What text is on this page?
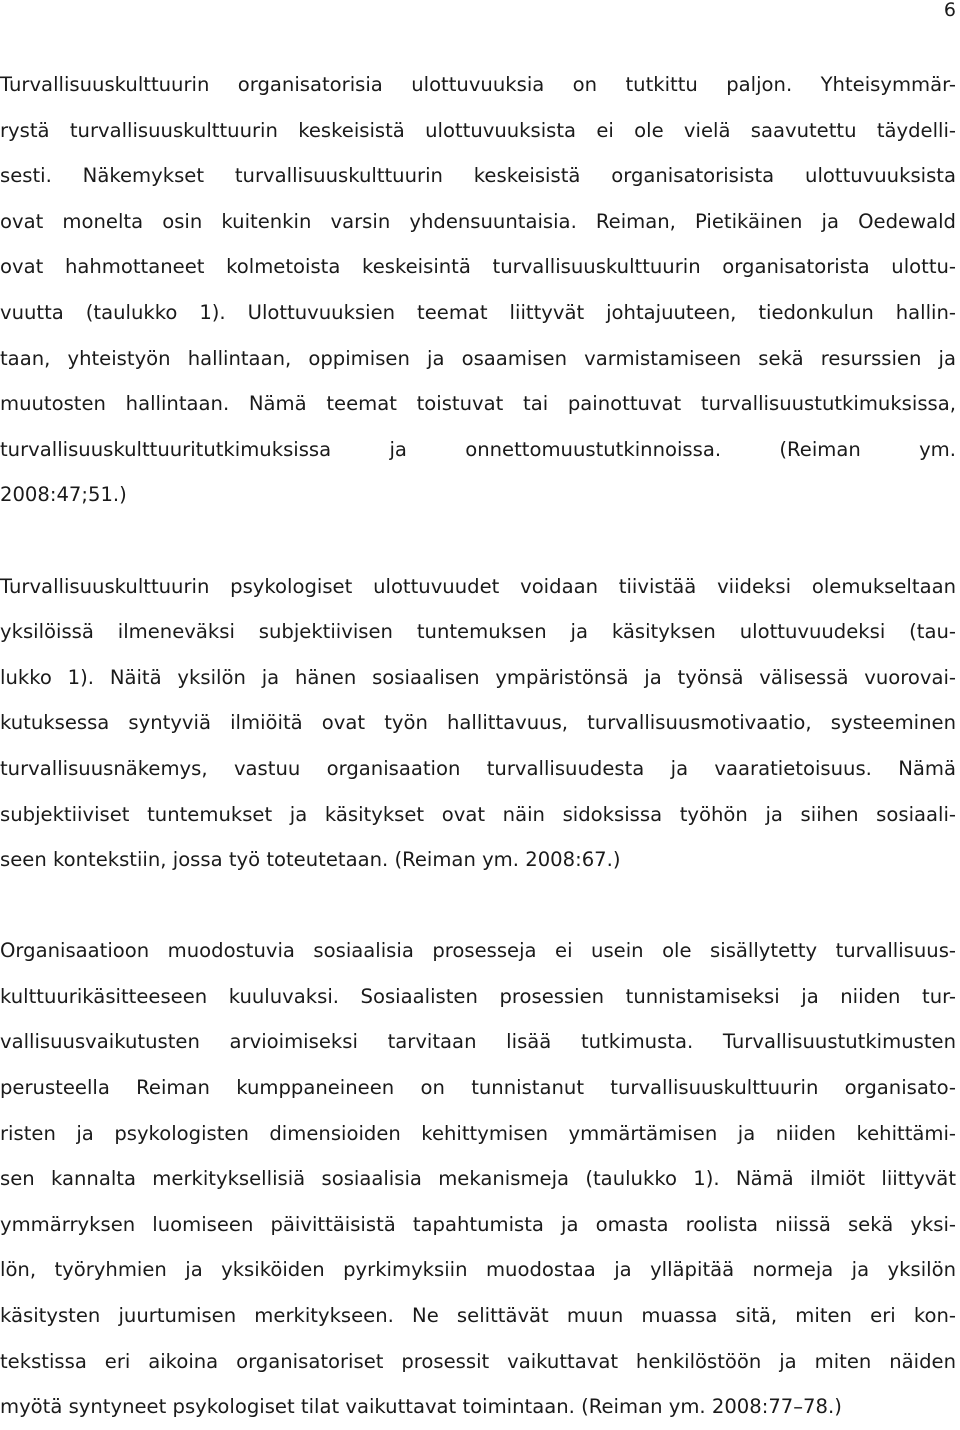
6
Turvallisuuskulttuurin organisatorisia ulottuvuuksia on tutkittu paljon. Yhteisymmär-
rystä turvallisuuskulttuurin keskeisistä ulottuvuuksista ei ole vielä saavutettu täydelli-
sesti. Näkemykset turvallisuuskulttuurin keskeisistä organisatorisista ulottuvuuksista
ovat monelta osin kuitenkin varsin yhdensuuntaisia. Reiman, Pietikäinen ja Oedewald
ovat hahmottaneet kolmetoista keskeisintä turvallisuuskulttuurin organisatorista ulottu-
vuutta (taulukko 1). Ulottuvuuksien teemat liittyvät johtajuuteen, tiedonkulun hallin-
taan, yhteistyön hallintaan, oppimisen ja osaamisen varmistamiseen sekä resurssien ja
muutosten hallintaan. Nämä teemat toistuvat tai painottuvat turvallisuustutkimuksissa,
turvallisuuskulttuuritutkimuksissa ja onnettomuustutkinnoissa. (Reiman ym.
2008:47;51.)
Turvallisuuskulttuurin psykologiset ulottuvuudet voidaan tiivistää viideksi olemukseltaan
yksilöissä ilmeneväksi subjektiivisen tuntemuksen ja käsityksen ulottuvuudeksi (tau-
lukko 1). Näitä yksilön ja hänen sosiaalisen ympäristönsä ja työnsä välisessä vuorovai-
kutuksessa syntyviä ilmiöitä ovat työn hallittavuus, turvallisuusmotivaatio, systeeminen
turvallisuusnäkemys, vastuu organisaation turvallisuudesta ja vaaratietoisuus. Nämä
subjektiiviset tuntemukset ja käsitykset ovat näin sidoksissa työhön ja siihen sosiaali-
seen kontekstiin, jossa työ toteutetaan. (Reiman ym. 2008:67.)
Organisaatioon muodostuvia sosiaalisia prosesseja ei usein ole sisällytetty turvallisuus-
kulttuurikäsitteeseen kuuluvaksi. Sosiaalisten prosessien tunnistamiseksi ja niiden tur-
vallisuusvaikutusten arvioimiseksi tarvitaan lisää tutkimusta. Turvallisuustutkimusten
perusteella Reiman kumppaneineen on tunnistanut turvallisuuskulttuurin organisato-
risten ja psykologisten dimensioiden kehittymisen ymmärtämisen ja niiden kehittämi-
sen kannalta merkityksellisiä sosiaalisia mekanismeja (taulukko 1). Nämä ilmiöt liittyvät
ymmärryksen luomiseen päivittäisistä tapahtumista ja omasta roolista niissä sekä yksi-
lön, työryhmien ja yksiköiden pyrkimyksiin muodostaa ja ylläpitää normeja ja yksilön
käsitysten juurtumisen merkitykseen. Ne selittävät muun muassa sitä, miten eri kon-
tekstissa eri aikoina organisatoriset prosessit vaikuttavat henkilöstöön ja miten näiden
myötä syntyneet psykologiset tilat vaikuttavat toimintaan. (Reiman ym. 2008:77–78.)
